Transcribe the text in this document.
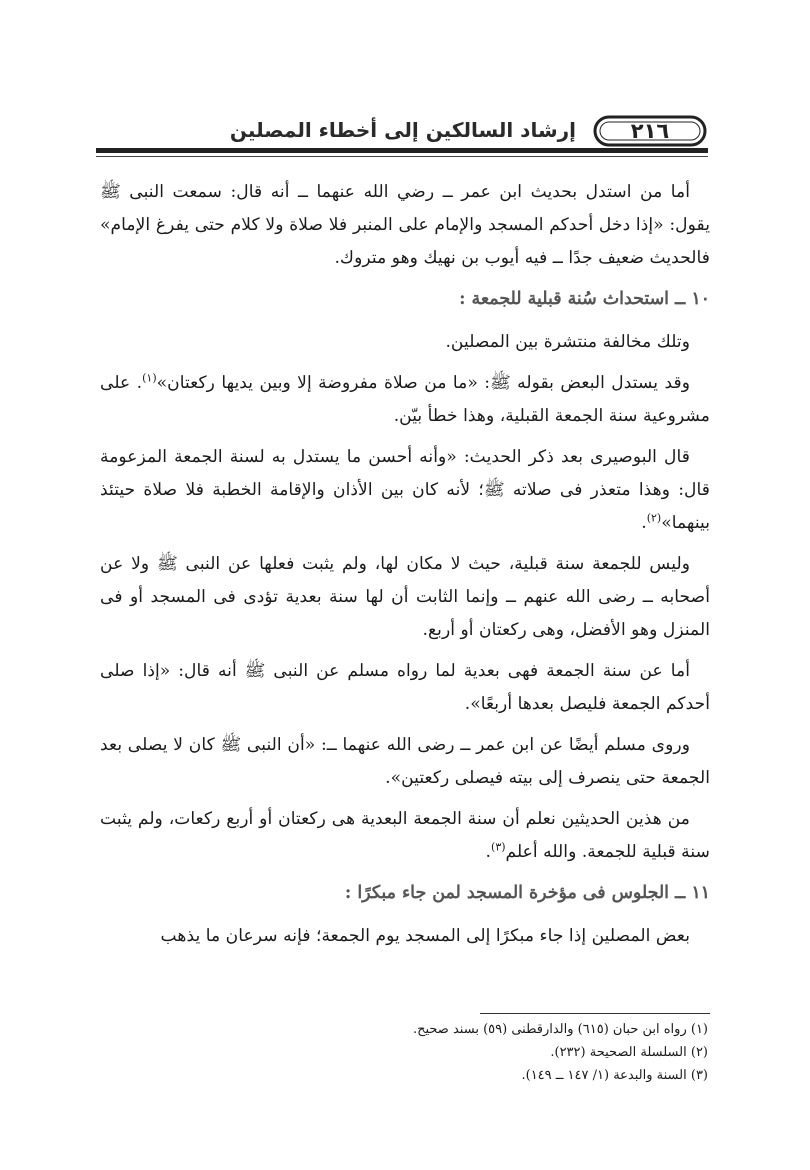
٢١٦
إرشاد السالكين إلى أخطاء المصلين

أما من استدل بحديث ابن عمر ــ رضي الله عنهما ــ أنه قال: سمعت النبى ﷺ يقول: «إذا دخل أحدكم المسجد والإمام على المنبر فلا صلاة ولا كلام حتى يفرغ الإمام» فالحديث ضعيف جدًا ــ فيه أيوب بن نهيك وهو متروك.

١٠ ــ استحداث سُنة قبلية للجمعة :

وتلك مخالفة منتشرة بين المصلين.

وقد يستدل البعض بقوله ﷺ: «ما من صلاة مفروضة إلا وبين يديها ركعتان»$^{(١)}$. على مشروعية سنة الجمعة القبلية، وهذا خطأ بيّن.

قال البوصيرى بعد ذكر الحديث: «وأنه أحسن ما يستدل به لسنة الجمعة المزعومة قال: وهذا متعذر فى صلاته ﷺ؛ لأنه كان بين الأذان والإقامة الخطبة فلا صلاة حيتئذ بينهما»$^{(٢)}$.

وليس للجمعة سنة قبلية، حيث لا مكان لها، ولم يثبت فعلها عن النبى ﷺ ولا عن أصحابه ــ رضى الله عنهم ــ وإنما الثابت أن لها سنة بعدية تؤدى فى المسجد أو فى المنزل وهو الأفضل، وهى ركعتان أو أربع.

أما عن سنة الجمعة فهى بعدية لما رواه مسلم عن النبى ﷺ أنه قال: «إذا صلى أحدكم الجمعة فليصل بعدها أربعًا».

وروى مسلم أيضًا عن ابن عمر ــ رضى الله عنهما ــ: «أن النبى ﷺ كان لا يصلى بعد الجمعة حتى ينصرف إلى بيته فيصلى ركعتين».

من هذين الحديثين نعلم أن سنة الجمعة البعدية هى ركعتان أو أربع ركعات، ولم يثبت سنة قبلية للجمعة. والله أعلم$^{(٣)}$.

١١ ــ الجلوس فى مؤخرة المسجد لمن جاء مبكرًا :

بعض المصلين إذا جاء مبكرًا إلى المسجد يوم الجمعة؛ فإنه سرعان ما يذهب

(١) رواه ابن حبان (٦١٥) والدارقطنى (٥٩) بسند صحيح.

(٢) السلسلة الصحيحة (٢٣٢).

(٣) السنة والبدعة (١/ ١٤٧ ــ ١٤٩).
